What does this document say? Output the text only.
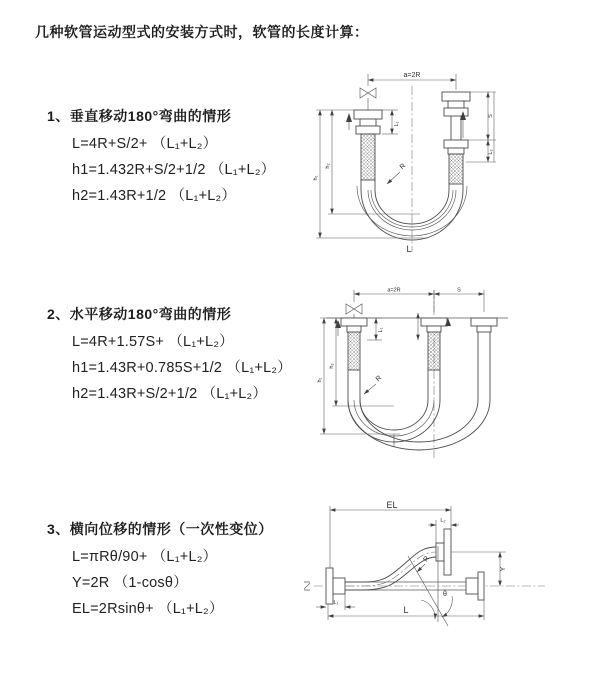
几种软管运动型式的安装方式时，软管的长度计算：
1、垂直移动180°弯曲的情形
L=4R+S/2+ （L₁+L₂）
h1=1.432R+S/2+1/2 （L₁+L₂）
h2=1.43R+1/2 （L₁+L₂）
2、水平移动180°弯曲的情形
L=4R+1.57S+ （L₁+L₂）
h1=1.43R+0.785S+1/2 （L₁+L₂）
h2=1.43R+S/2+1/2 （L₁+L₂）
3、横向位移的情形（一次性变位）
L=πRθ/90+ （L₁+L₂）
Y=2R （1-cosθ）
EL=2Rsinθ+ （L₁+L₂）
a=2R
L₁
S
L₂
R
h₁
h₂
L
a=2R	S
L₁
R
h₁
h₂
EL
L₂
Y
θ
R
L
L₁
